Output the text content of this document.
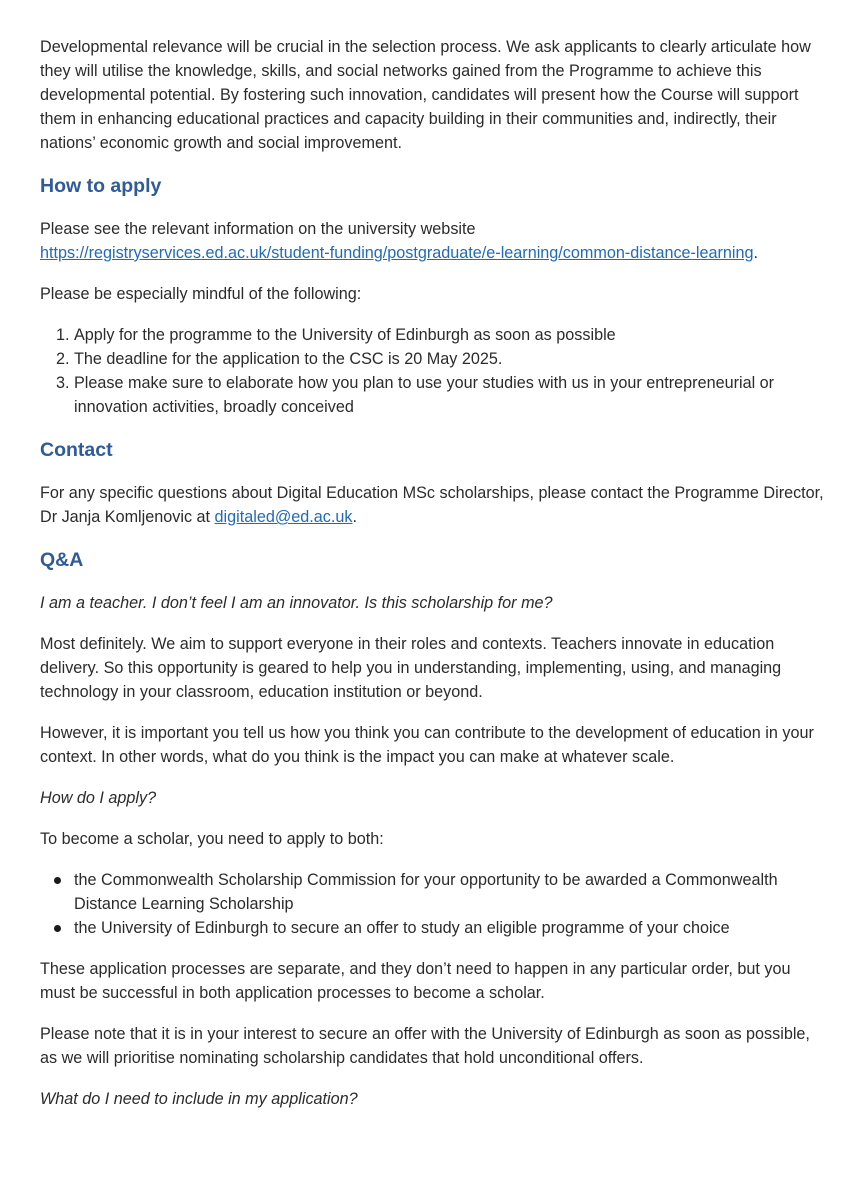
Developmental relevance will be crucial in the selection process. We ask applicants to clearly articulate how they will utilise the knowledge, skills, and social networks gained from the Programme to achieve this developmental potential. By fostering such innovation, candidates will present how the Course will support them in enhancing educational practices and capacity building in their communities and, indirectly, their nations’ economic growth and social improvement.

How to apply

Please see the relevant information on the university website
https://registryservices.ed.ac.uk/student-funding/postgraduate/e-learning/common-distance-learning.

Please be especially mindful of the following:

1. Apply for the programme to the University of Edinburgh as soon as possible
2. The deadline for the application to the CSC is 20 May 2025.
3. Please make sure to elaborate how you plan to use your studies with us in your entrepreneurial or innovation activities, broadly conceived
Contact

For any specific questions about Digital Education MSc scholarships, please contact the Programme Director, Dr Janja Komljenovic at digitaled@ed.ac.uk.

Q&A

I am a teacher. I don’t feel I am an innovator. Is this scholarship for me?

Most definitely. We aim to support everyone in their roles and contexts. Teachers innovate in education delivery. So this opportunity is geared to help you in understanding, implementing, using, and managing technology in your classroom, education institution or beyond.

However, it is important you tell us how you think you can contribute to the development of education in your context. In other words, what do you think is the impact you can make at whatever scale.

How do I apply?

To become a scholar, you need to apply to both:

the Commonwealth Scholarship Commission for your opportunity to be awarded a Commonwealth Distance Learning Scholarship
the University of Edinburgh to secure an offer to study an eligible programme of your choice

These application processes are separate, and they don’t need to happen in any particular order, but you must be successful in both application processes to become a scholar.

Please note that it is in your interest to secure an offer with the University of Edinburgh as soon as possible, as we will prioritise nominating scholarship candidates that hold unconditional offers.

What do I need to include in my application?
